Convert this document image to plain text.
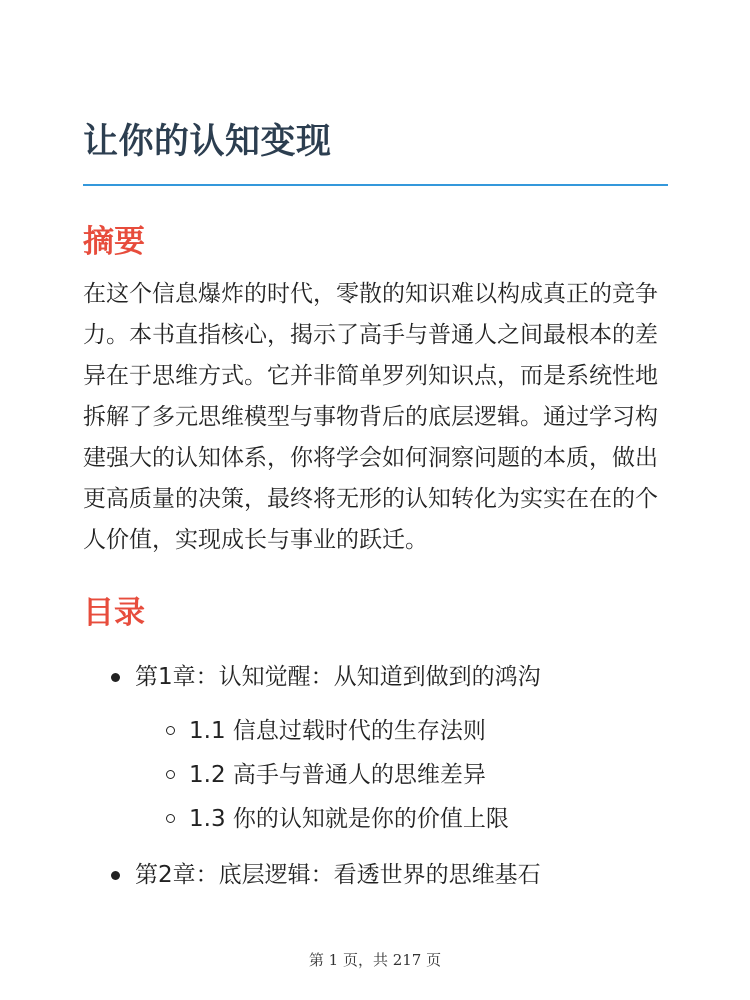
让你的认知变现
摘要

在这个信息爆炸的时代，零散的知识难以构成真正的竞争力。本书直指核心，揭示了高手与普通人之间最根本的差异在于思维方式。它并非简单罗列知识点，而是系统性地拆解了多元思维模型与事物背后的底层逻辑。通过学习构建强大的认知体系，你将学会如何洞察问题的本质，做出更高质量的决策，最终将无形的认知转化为实实在在的个人价值，实现成长与事业的跃迁。

目录
第1章：认知觉醒：从知道到做到的鸿沟
1.1 信息过载时代的生存法则
1.2 高手与普通人的思维差异
1.3 你的认知就是你的价值上限
第2章：底层逻辑：看透世界的思维基石
第 1 页，共 217 页
